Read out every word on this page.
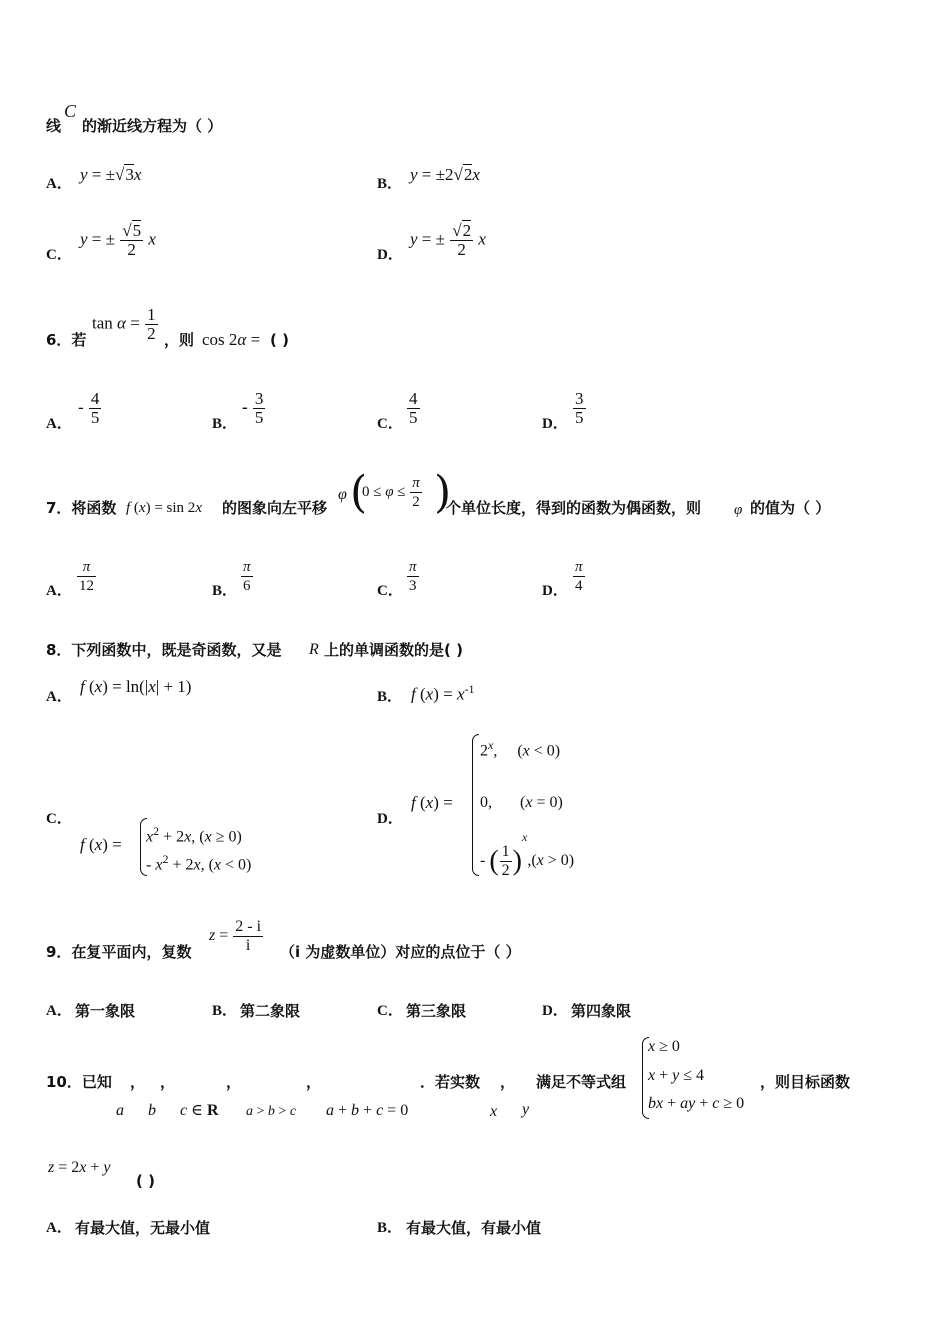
线
C
的渐近线方程为（ ）
A． y = ±√3x	B． y = ±2√2x
C．
y = ± $\frac{√5}{2}$ x
D．
y = ± $\frac{√2}{2}$ x
6．若
$\tan \alpha = \frac{1}{2}$ ，则 cos 2α = ( )
A．
- $\frac{4}{5}$	B．
- $\frac{3}{5}$	C． $\frac{4}{5}$	D． $\frac{3}{5}$
7．将函数 f (x) = sin 2x 的图象向左平移
φ (
$0 \le \varphi \le \frac{\pi}{2}$ )
个单位长度，得到的函数为偶函数，则 φ 的值为（ ）
A． $\frac{\pi}{12}$	B． $\frac{\pi}{6}$	C． $\frac{\pi}{3}$	D． $\frac{\pi}{4}$
8．下列函数中，既是奇函数，又是 R 上的单调函数的是( )
A．
f (x) = ln(|x| + 1)
B． f $(x) = x^{-1}$
C．
f $(x) = x^2 + 2x$, (x ≥ 0)
- $x^2 + 2x$, (x < 0)
D．
f (x) =
$2^x$,     (x < 0)
0,       (x = 0)
- ( $\frac{1}{2} )^x,(x > 0)$
9．在复平面内，复数
$z = \frac{2 - i}{i} (i$ 为虚数单位）对应的点位于（ ）
A． 第一象限	B． 第二象限	C． 第三象限	D． 第四象限
10．已知 ， ，	，	，	．若实数 ， 满足不等式组	，则目标函数
a b c ∈ R a > b > c a + b + c = 0	x y
x ≥ 0
x + y ≤ 4
bx + ay + c ≥ 0
z = 2x + y
( )
A． 有最大值，无最小值	B． 有最大值，有最小值
